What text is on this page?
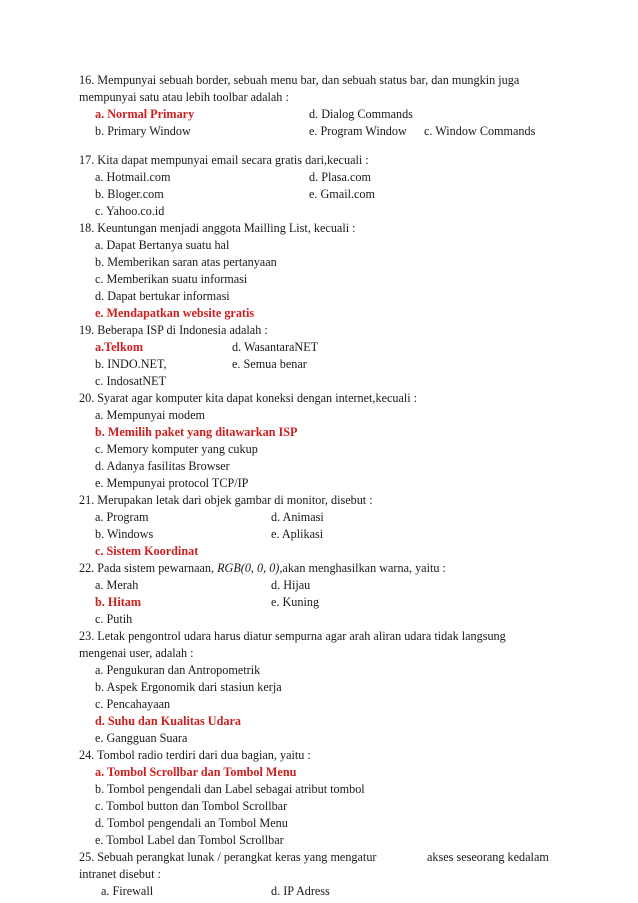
16. Mempunyai sebuah border, sebuah menu bar, dan sebuah status bar, dan mungkin juga
mempunyai satu atau lebih toolbar adalah :
a. Normal Primary	d. Dialog Commands
b. Primary Window	e. Program Window c. Window Commands
17. Kita dapat mempunyai email secara gratis dari,kecuali :
a. Hotmail.com	d. Plasa.com
b. Bloger.com	e. Gmail.com
c. Yahoo.co.id
18. Keuntungan menjadi anggota Mailling List, kecuali :
a. Dapat Bertanya suatu hal
b. Memberikan saran atas pertanyaan
c. Memberikan suatu informasi
d. Dapat bertukar informasi
e. Mendapatkan website gratis
19. Beberapa ISP di Indonesia adalah :
a.Telkom	d. WasantaraNET
b. INDO.NET,	e. Semua benar
c. IndosatNET
20. Syarat agar komputer kita dapat koneksi dengan internet,kecuali :
a. Mempunyai modem
b. Memilih paket yang ditawarkan ISP
c. Memory komputer yang cukup
d. Adanya fasilitas Browser
e. Mempunyai protocol TCP/IP
21. Merupakan letak dari objek gambar di monitor, disebut :
a. Program	d. Animasi
b. Windows	e. Aplikasi
c. Sistem Koordinat
22. Pada sistem pewarnaan, RGB(0, 0, 0),akan menghasilkan warna, yaitu :
a. Merah	d. Hijau
b. Hitam	e. Kuning
c. Putih
23. Letak pengontrol udara harus diatur sempurna agar arah aliran udara tidak langsung
mengenai user, adalah :
a. Pengukuran dan Antropometrik
b. Aspek Ergonomik dari stasiun kerja
c. Pencahayaan
d. Suhu dan Kualitas Udara
e. Gangguan Suara
24. Tombol radio terdiri dari dua bagian, yaitu :
a. Tombol Scrollbar dan Tombol Menu
b. Tombol pengendali dan Label sebagai atribut tombol
c. Tombol button dan Tombol Scrollbar
d. Tombol pengendali an Tombol Menu
e. Tombol Label dan Tombol Scrollbar
25. Sebuah perangkat lunak / perangkat keras yang mengatur	akses seseorang kedalam
intranet disebut :
a. Firewall	d. IP Adress
